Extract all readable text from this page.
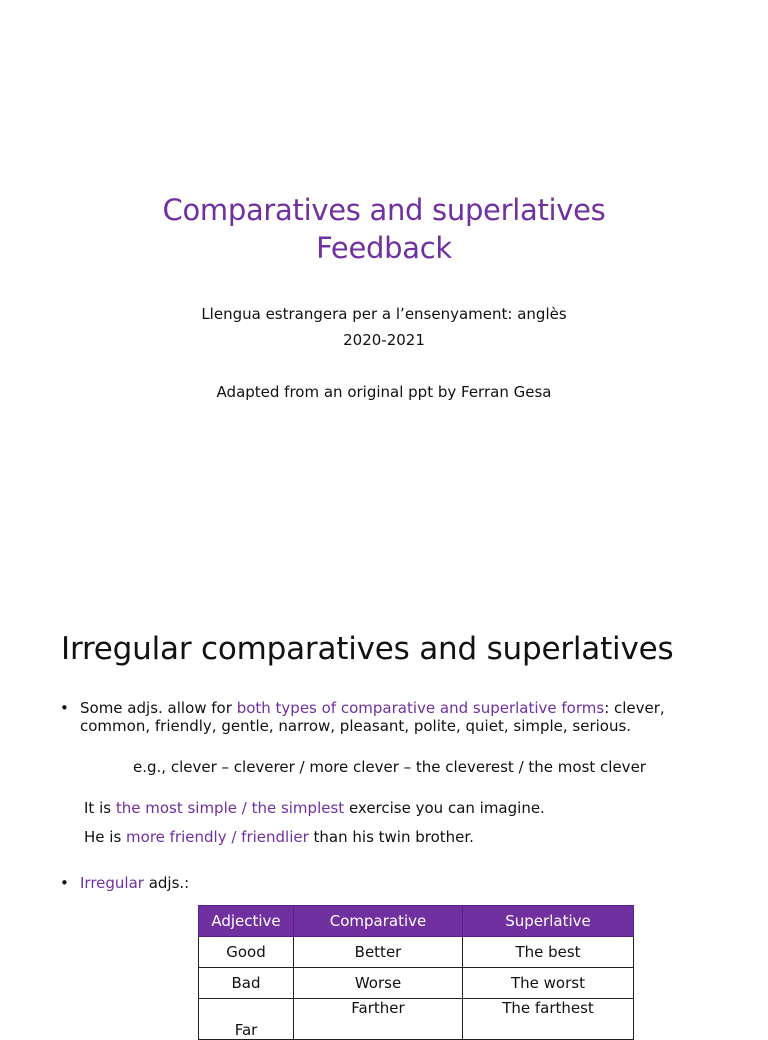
Comparatives and superlatives
Feedback
Llengua estrangera per a l’ensenyament: anglès
2020-2021
Adapted from an original ppt by Ferran Gesa
Irregular comparatives and superlatives
• Some adjs. allow for both types of comparative and superlative forms: clever,
common, friendly, gentle, narrow, pleasant, polite, quiet, simple, serious.
e.g., clever – cleverer / more clever – the cleverest / the most clever
It is the most simple / the simplest exercise you can imagine.
He is more friendly / friendlier than his twin brother.
• Irregular adjs.:
Adjective	Comparative	Superlative
Good	Better	The best
Bad	Worse	The worst
Far	Farther	The farthest
